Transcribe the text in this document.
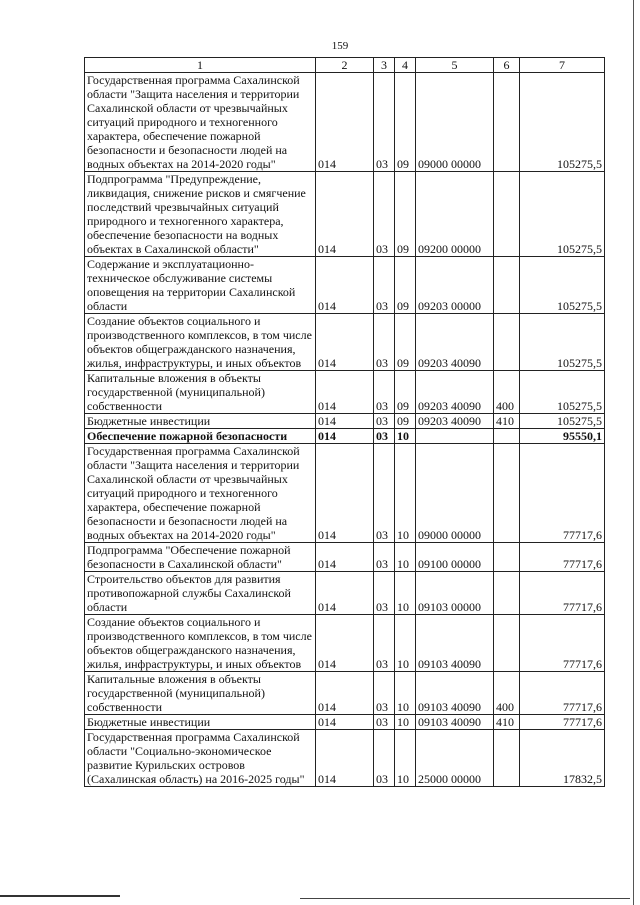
159
1	2	3	4	5	6	7
Государственная программа Сахалинской области "Защита населения и территории Сахалинской области от чрезвычайных ситуаций природного и техногенного характера, обеспечение пожарной безопасности и безопасности людей на водных объектах на 2014-2020 годы"	014	03	09	09000 00000		105275,5
Подпрограмма "Предупреждение, ликвидация, снижение рисков и смягчение последствий чрезвычайных ситуаций природного и техногенного характера, обеспечение безопасности на водных объектах в Сахалинской области"	014	03	09	09200 00000		105275,5
Содержание и эксплуатационно-техническое обслуживание системы оповещения на территории Сахалинской области	014	03	09	09203 00000		105275,5
Создание объектов социального и производственного комплексов, в том числе объектов общегражданского назначения, жилья, инфраструктуры, и иных объектов	014	03	09	09203 40090		105275,5
Капитальные вложения в объекты государственной (муниципальной) собственности	014	03	09	09203 40090	400	105275,5
Бюджетные инвестиции	014	03	09	09203 40090	410	105275,5
Обеспечение пожарной безопасности	014	03	10			95550,1
Государственная программа Сахалинской области "Защита населения и территории Сахалинской области от чрезвычайных ситуаций природного и техногенного характера, обеспечение пожарной безопасности и безопасности людей на водных объектах на 2014-2020 годы"	014	03	10	09000 00000		77717,6
Подпрограмма "Обеспечение пожарной безопасности в Сахалинской области"	014	03	10	09100 00000		77717,6
Строительство объектов для развития противопожарной службы Сахалинской области	014	03	10	09103 00000		77717,6
Создание объектов социального и производственного комплексов, в том числе объектов общегражданского назначения, жилья, инфраструктуры, и иных объектов	014	03	10	09103 40090		77717,6
Капитальные вложения в объекты государственной (муниципальной) собственности	014	03	10	09103 40090	400	77717,6
Бюджетные инвестиции	014	03	10	09103 40090	410	77717,6
Государственная программа Сахалинской области "Социально-экономическое развитие Курильских островов (Сахалинская область) на 2016-2025 годы"	014	03	10	25000 00000		17832,5
